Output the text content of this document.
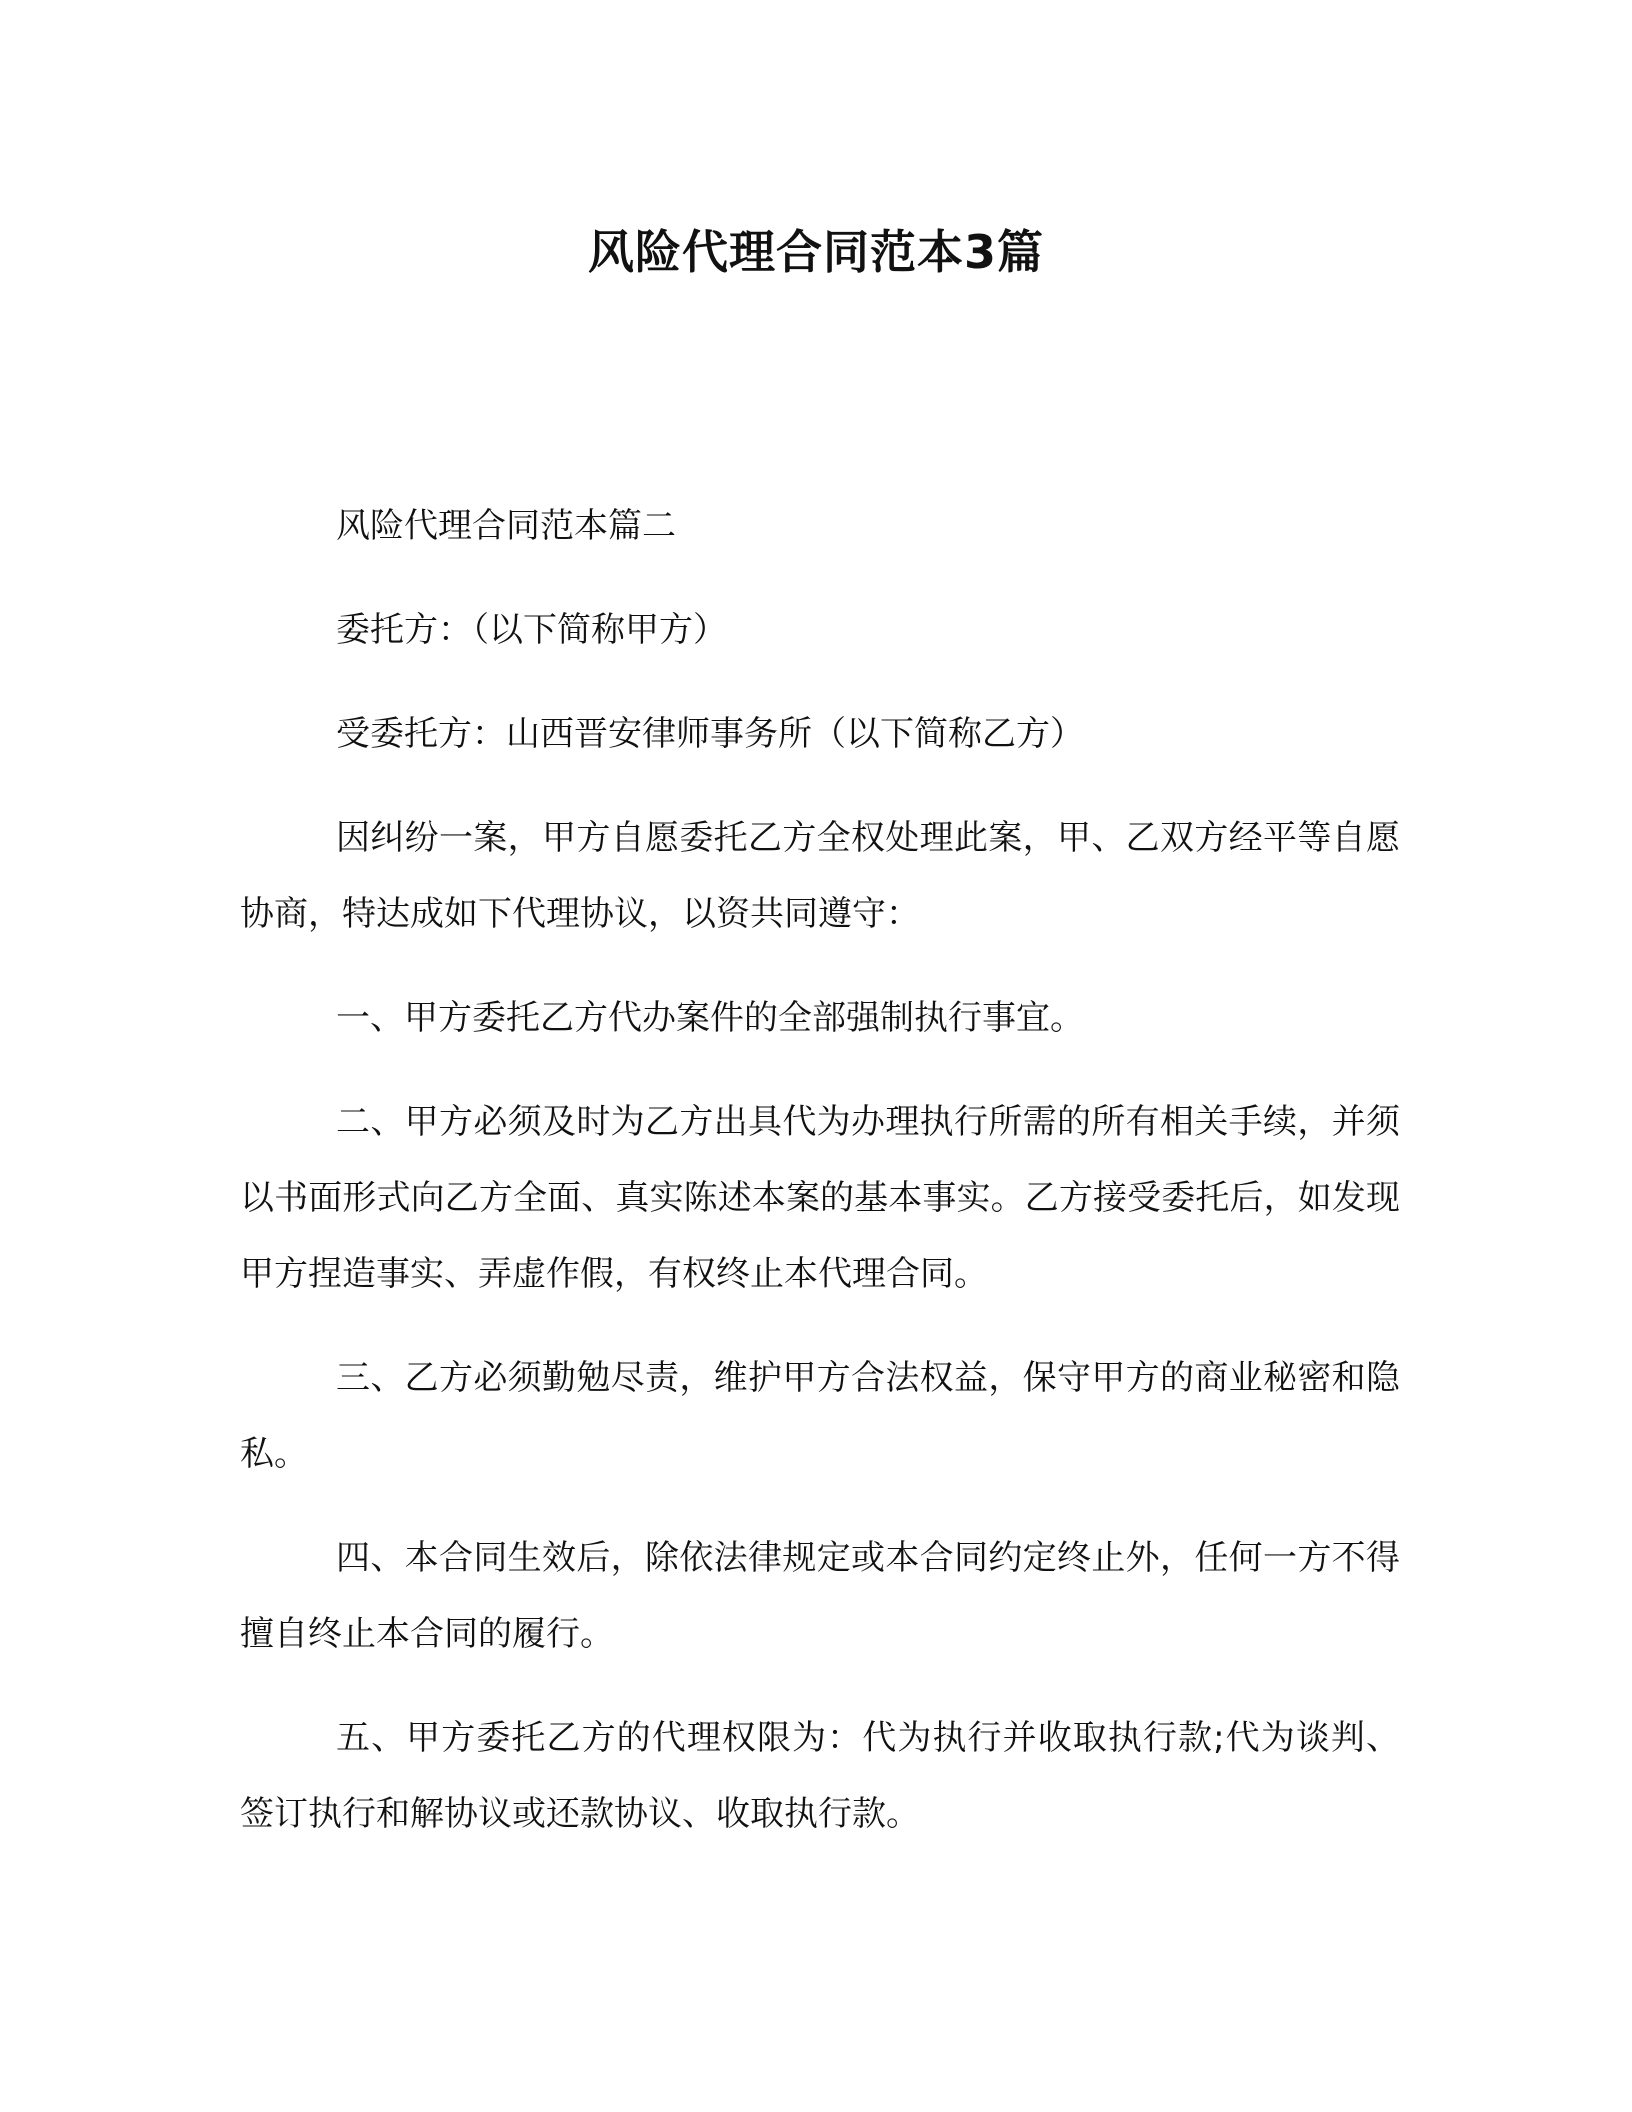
风险代理合同范本3篇

风险代理合同范本篇二

委托方：（以下简称甲方）

受委托方：山西晋安律师事务所（以下简称乙方）

因纠纷一案，甲方自愿委托乙方全权处理此案，甲、乙双方经平等自愿协商，特达成如下代理协议，以资共同遵守：

一、甲方委托乙方代办案件的全部强制执行事宜。

二、甲方必须及时为乙方出具代为办理执行所需的所有相关手续，并须以书面形式向乙方全面、真实陈述本案的基本事实。乙方接受委托后，如发现甲方捏造事实、弄虚作假，有权终止本代理合同。

三、乙方必须勤勉尽责，维护甲方合法权益，保守甲方的商业秘密和隐私。

四、本合同生效后，除依法律规定或本合同约定终止外，任何一方不得擅自终止本合同的履行。

五、甲方委托乙方的代理权限为：代为执行并收取执行款;代为谈判、签订执行和解协议或还款协议、收取执行款。
